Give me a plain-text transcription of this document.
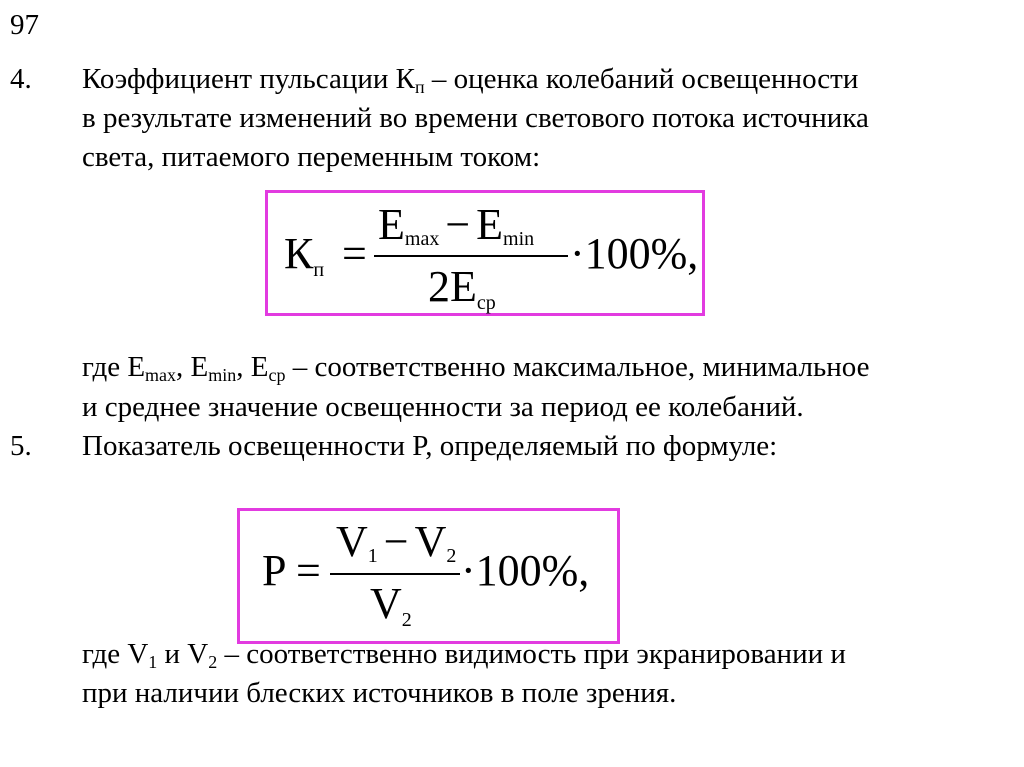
97
4. Коэффициент пульсации Кп – оценка колебаний освещенности
в результате изменений во времени светового потока источника
света, питаемого переменным током:
Кп =
Emax − Emin
2Eср
·100%,
где Emax, Emin, Eср – соответственно максимальное, минимальное
и среднее значение освещенности за период ее колебаний.
5. Показатель освещенности P, определяемый по формуле:
P =
V1 − V2
V2
·100%,
где V1 и V2 – соответственно видимость при экранировании и
при наличии блеских источников в поле зрения.
